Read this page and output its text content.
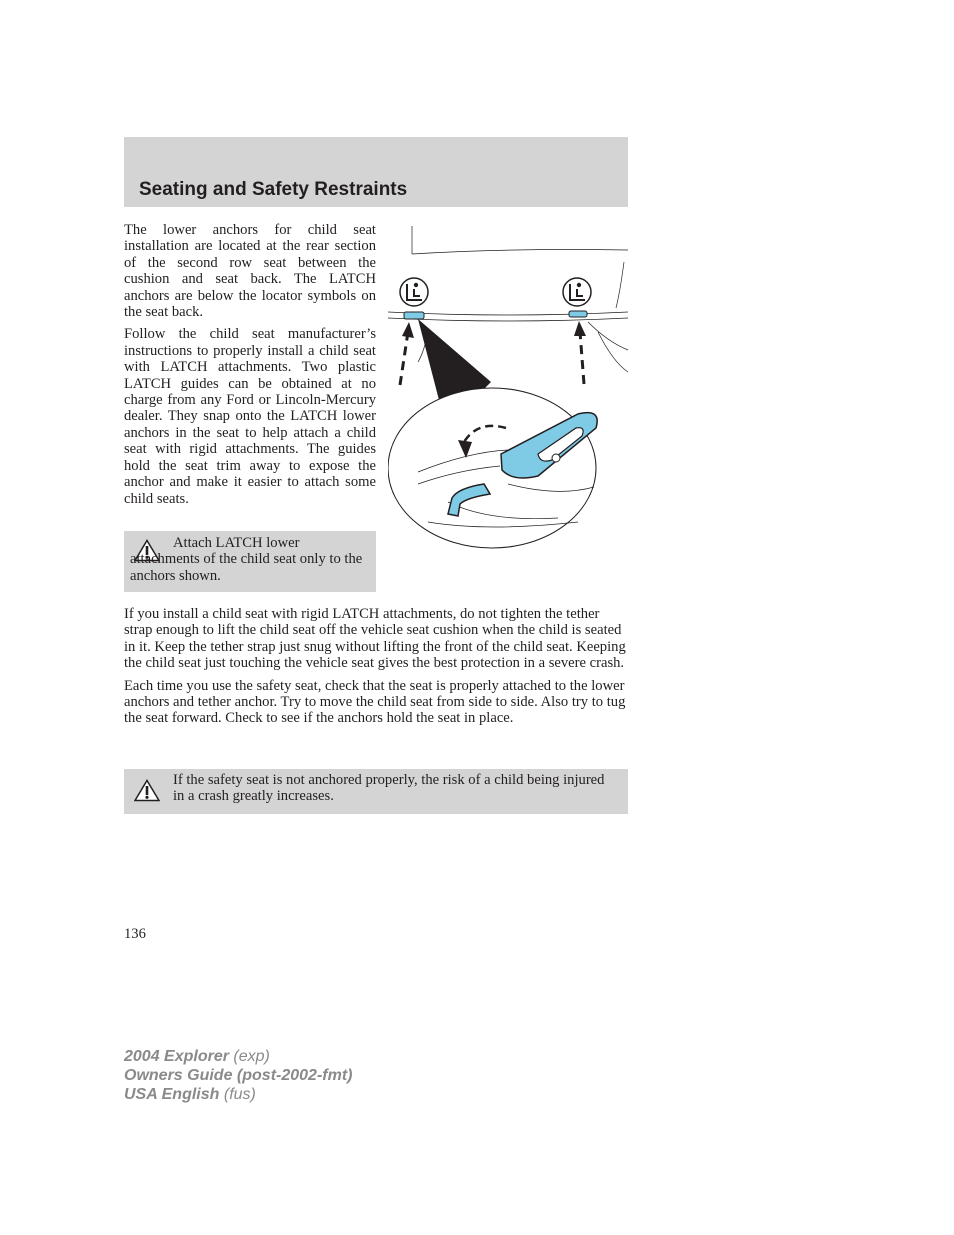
Seating and Safety Restraints

The lower anchors for child seat installation are located at the rear section of the second row seat between the cushion and seat back. The LATCH anchors are below the locator symbols on the seat back.

Follow the child seat manufacturer’s instructions to properly install a child seat with LATCH attachments. Two plastic LATCH guides can be obtained at no charge from any Ford or Lincoln-Mercury dealer. They snap onto the LATCH lower anchors in the seat to help attach a child seat with rigid attachments. The guides hold the seat trim away to expose the anchor and make it easier to attach some child seats.

Attach LATCH lower attachments of the child seat only to the anchors shown.

If you install a child seat with rigid LATCH attachments, do not tighten the tether strap enough to lift the child seat off the vehicle seat cushion when the child is seated in it. Keep the tether strap just snug without lifting the front of the child seat. Keeping the child seat just touching the vehicle seat gives the best protection in a severe crash.

Each time you use the safety seat, check that the seat is properly attached to the lower anchors and tether anchor. Try to move the child seat from side to side. Also try to tug the seat forward. Check to see if the anchors hold the seat in place.

If the safety seat is not anchored properly, the risk of a child being injured in a crash greatly increases.
136
2004 Explorer (exp)
Owners Guide (post-2002-fmt)
USA English (fus)
